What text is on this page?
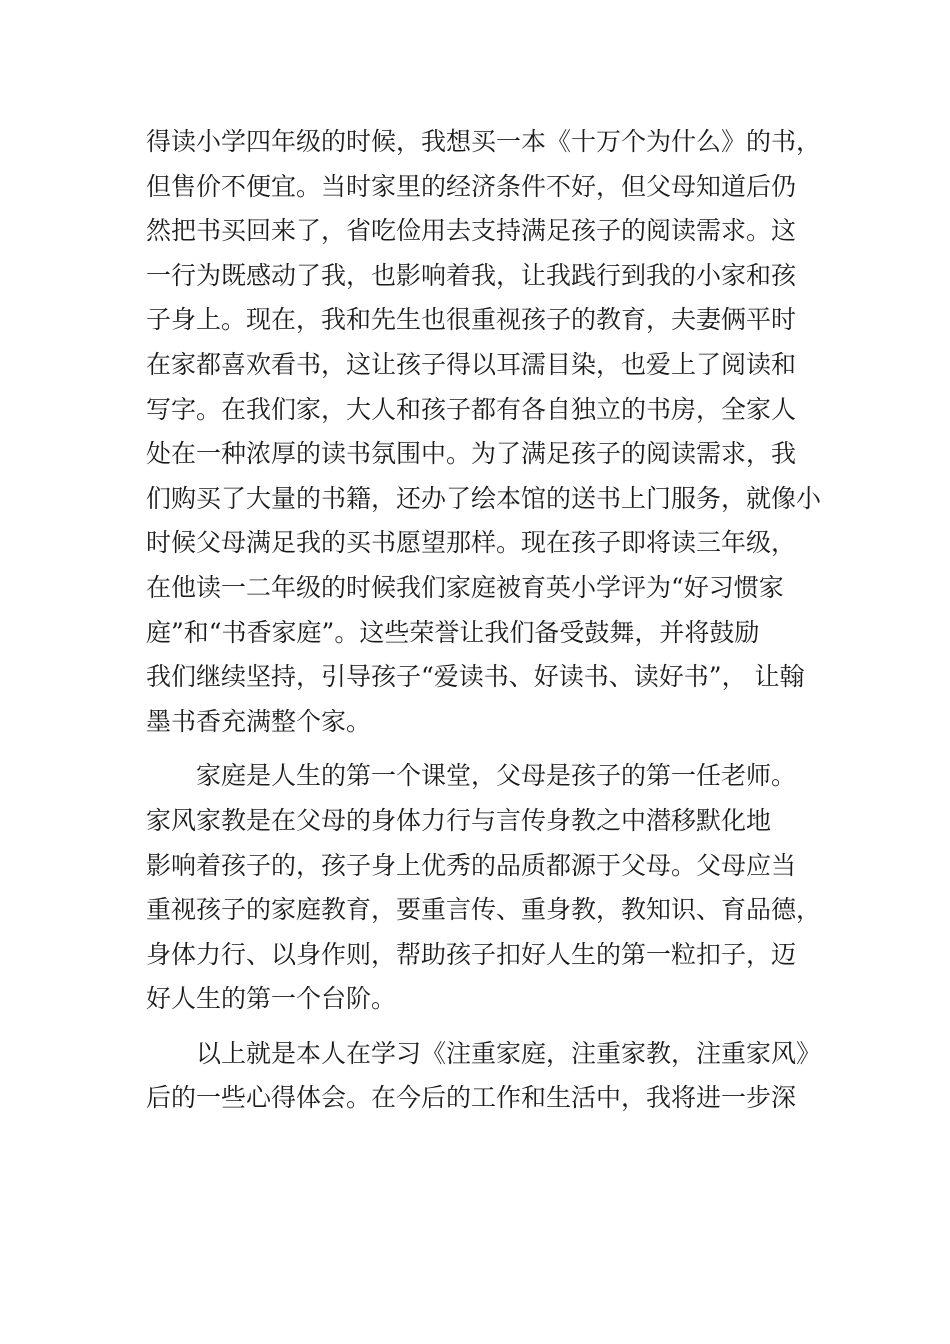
得读小学四年级的时候，我想买一本《十万个为什么》的书，
但售价不便宜。当时家里的经济条件不好，但父母知道后仍
然把书买回来了，省吃俭用去支持满足孩子的阅读需求。这
一行为既感动了我，也影响着我，让我践行到我的小家和孩
子身上。现在，我和先生也很重视孩子的教育，夫妻俩平时
在家都喜欢看书，这让孩子得以耳濡目染，也爱上了阅读和
写字。在我们家，大人和孩子都有各自独立的书房，全家人
处在一种浓厚的读书氛围中。为了满足孩子的阅读需求，我
们购买了大量的书籍，还办了绘本馆的送书上门服务，就像小
时候父母满足我的买书愿望那样。现在孩子即将读三年级，
在他读一二年级的时候我们家庭被育英小学评为“好习惯家
庭”和“书香家庭”。这些荣誉让我们备受鼓舞，并将鼓励
我们继续坚持，引导孩子“爱读书、好读书、读好书”， 让翰
墨书香充满整个家。
家庭是人生的第一个课堂，父母是孩子的第一任老师。
家风家教是在父母的身体力行与言传身教之中潜移默化地
影响着孩子的，孩子身上优秀的品质都源于父母。父母应当
重视孩子的家庭教育，要重言传、重身教，教知识、育品德，
身体力行、以身作则，帮助孩子扣好人生的第一粒扣子，迈
好人生的第一个台阶。
以上就是本人在学习《注重家庭，注重家教，注重家风》
后的一些心得体会。在今后的工作和生活中，我将进一步深
